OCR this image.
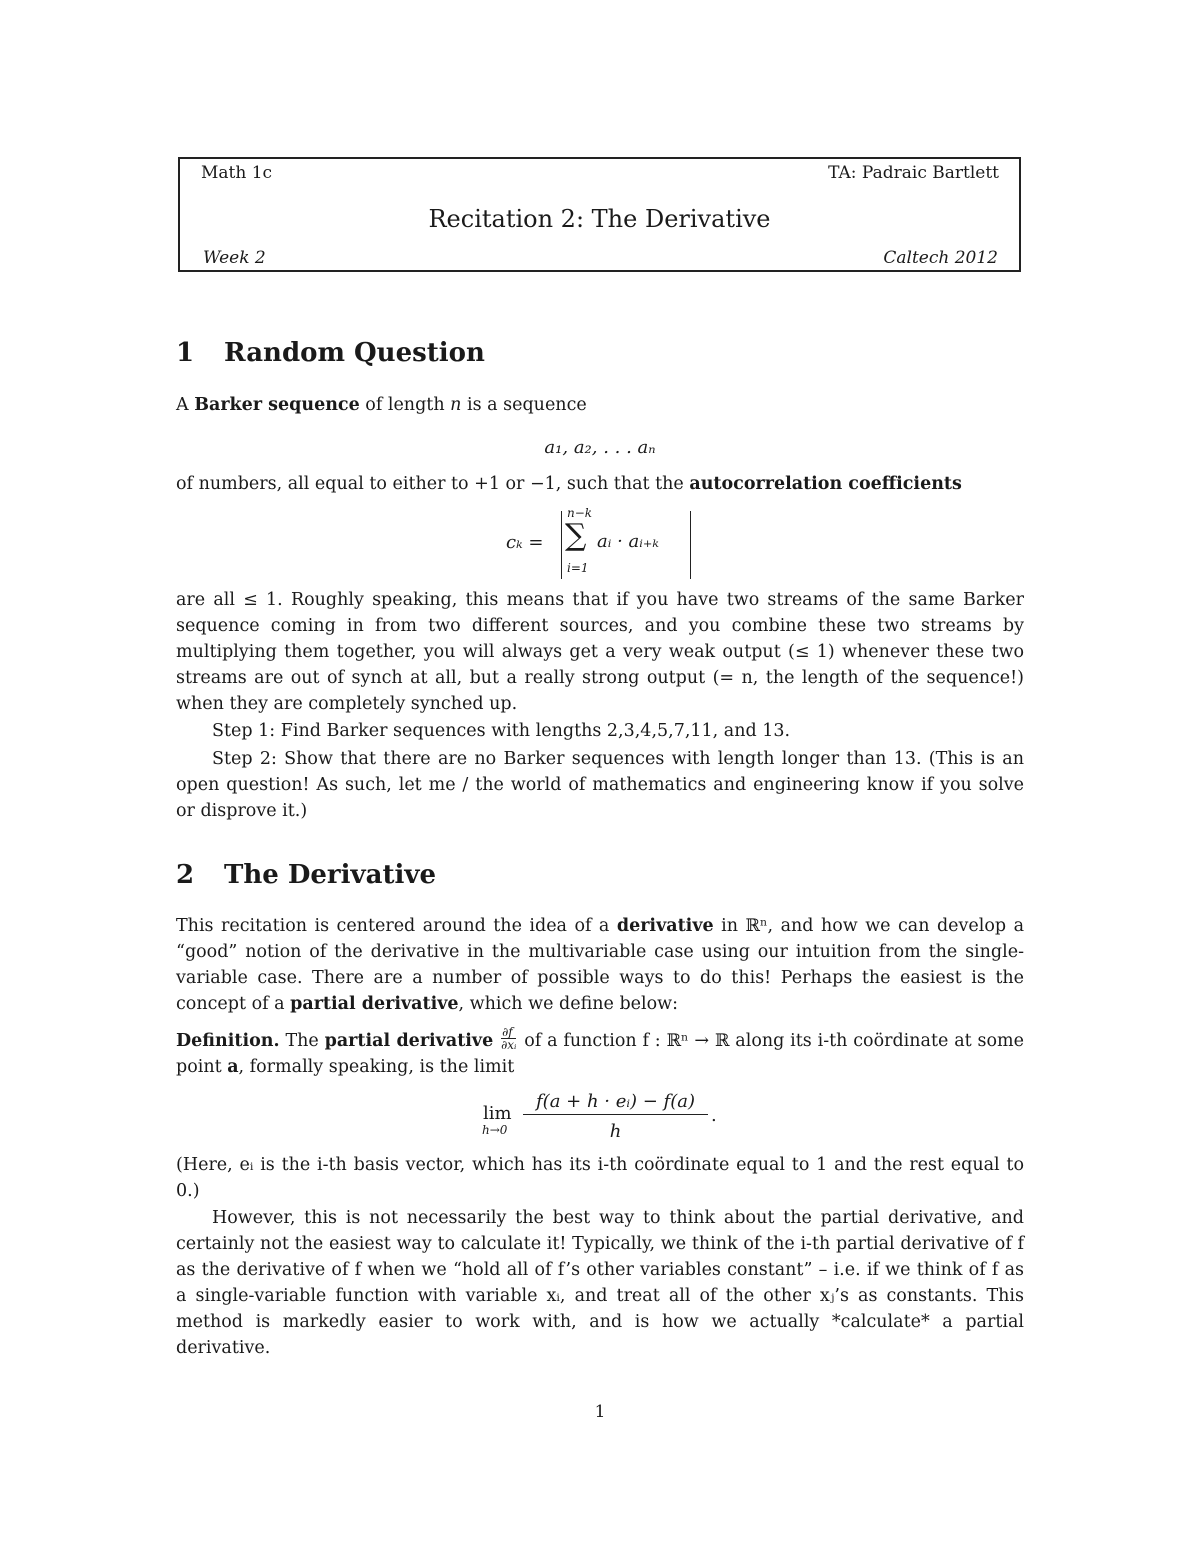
Math 1c	TA: Padraic Bartlett
Recitation 2: The Derivative
Week 2	Caltech 2012
1 Random Question
A Barker sequence of length n is a sequence
a₁, a₂, . . . aₙ
of numbers, all equal to either to +1 or −1, such that the autocorrelation coefficients
cₖ =
n−k
∑
i=1
aᵢ · aᵢ₊ₖ
are all ≤ 1. Roughly speaking, this means that if you have two streams of the same Barker sequence coming in from two different sources, and you combine these two streams by multiplying them together, you will always get a very weak output (≤ 1) whenever these two streams are out of synch at all, but a really strong output (= n, the length of the sequence!) when they are completely synched up.
Step 1: Find Barker sequences with lengths 2,3,4,5,7,11, and 13.
Step 2: Show that there are no Barker sequences with length longer than 13. (This is an open question! As such, let me / the world of mathematics and engineering know if you solve or disprove it.)
2 The Derivative
This recitation is centered around the idea of a derivative in ℝⁿ, and how we can develop a “good” notion of the derivative in the multivariable case using our intuition from the single-variable case. There are a number of possible ways to do this! Perhaps the easiest is the concept of a partial derivative, which we define below:
Definition. The partial derivative $\frac{\partial f}{\text{∂xᵢ}}$ of a function f : ℝⁿ → ℝ along its i-th coördinate at some point a, formally speaking, is the limit
lim
h→0
f(a + h · eᵢ) − f(a)
h
.
(Here, eᵢ is the i-th basis vector, which has its i-th coördinate equal to 1 and the rest equal to 0.)
However, this is not necessarily the best way to think about the partial derivative, and certainly not the easiest way to calculate it! Typically, we think of the i-th partial derivative of f as the derivative of f when we “hold all of f’s other variables constant” – i.e. if we think of f as a single-variable function with variable xᵢ, and treat all of the other xⱼ’s as constants. This method is markedly easier to work with, and is how we actually *calculate* a partial derivative.
1
